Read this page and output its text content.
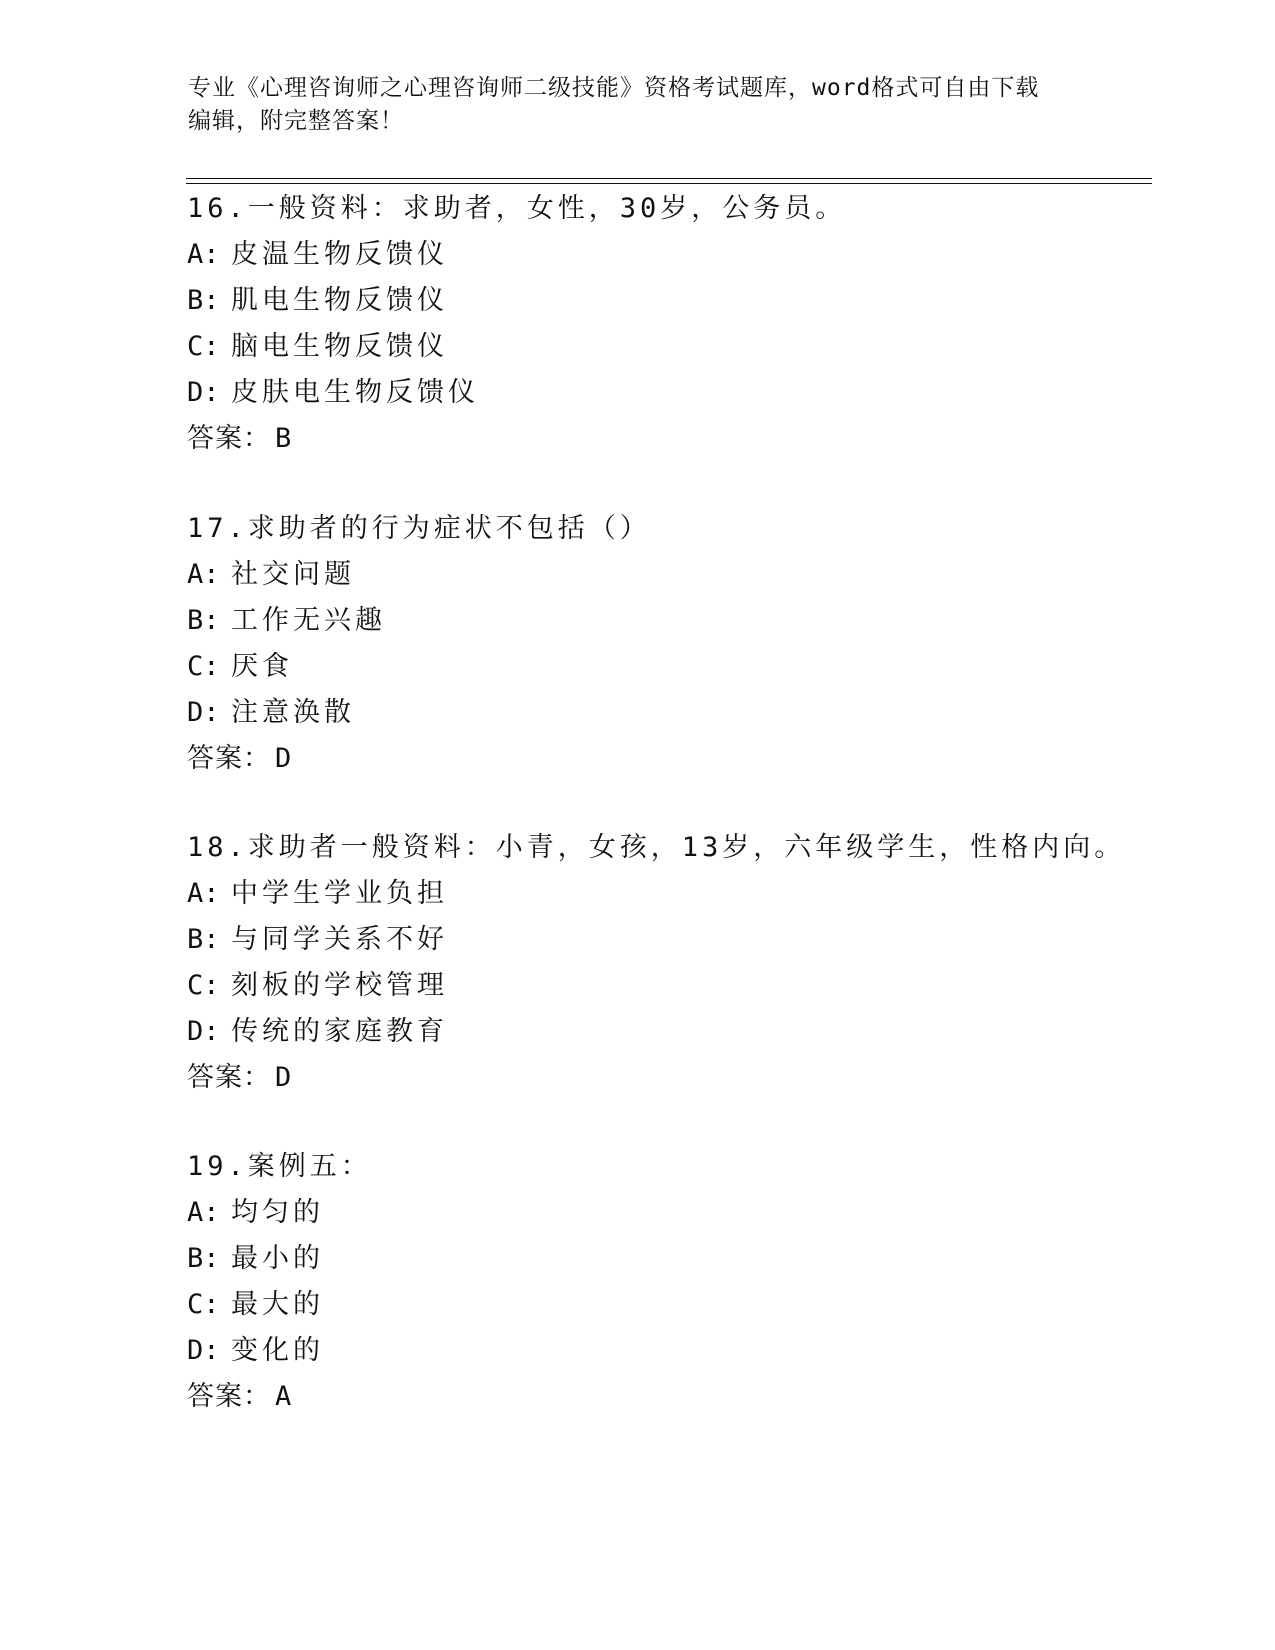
专业《心理咨询师之心理咨询师二级技能》资格考试题库，word格式可自由下载
编辑，附完整答案！
16.一般资料：求助者，女性，30岁，公务员。
A: 皮温生物反馈仪
B: 肌电生物反馈仪
C: 脑电生物反馈仪
D: 皮肤电生物反馈仪
答案： B
17.求助者的行为症状不包括（）
A: 社交问题
B: 工作无兴趣
C: 厌食
D: 注意涣散
答案： D
18.求助者一般资料：小青，女孩，13岁，六年级学生，性格内向。
A: 中学生学业负担
B: 与同学关系不好
C: 刻板的学校管理
D: 传统的家庭教育
答案： D
19.案例五：
A: 均匀的
B: 最小的
C: 最大的
D: 变化的
答案： A
